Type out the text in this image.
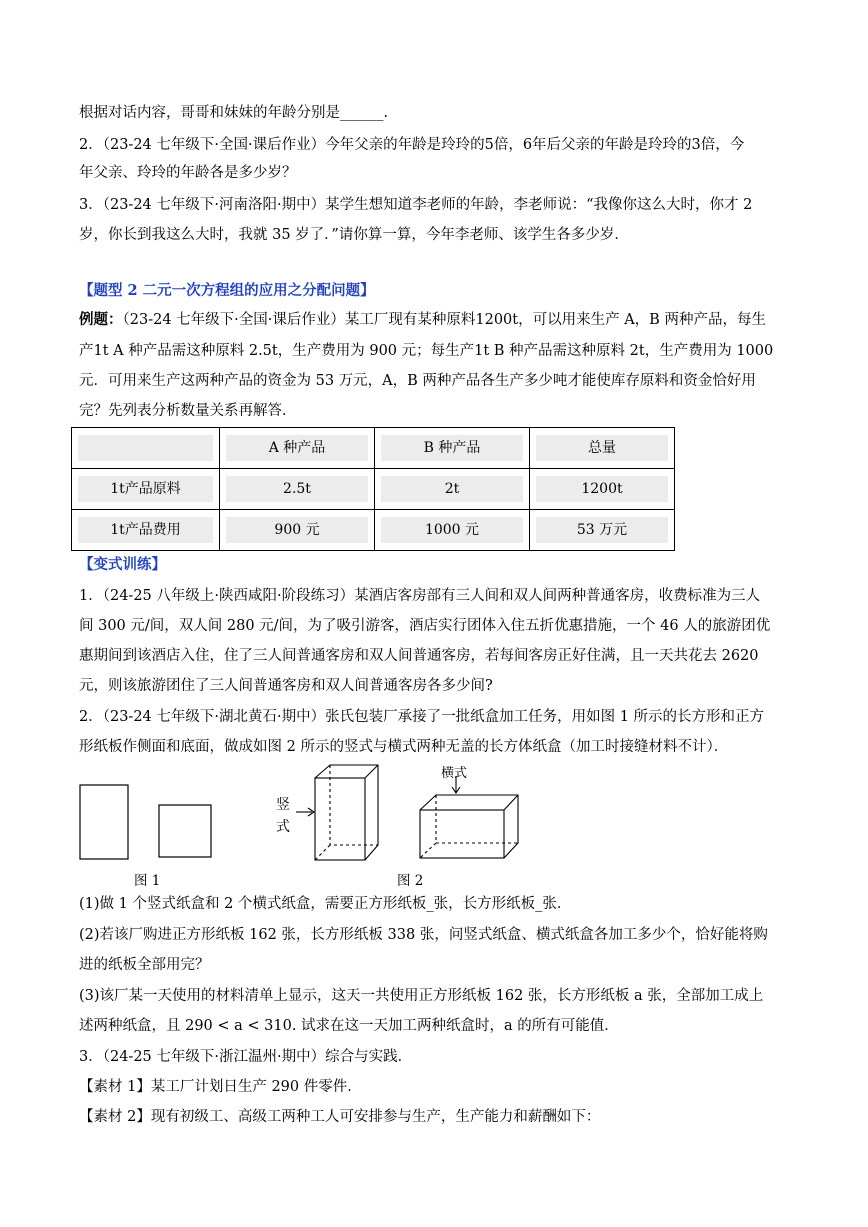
根据对话内容，哥哥和妹妹的年龄分别是______.
2．（23-24 七年级下·全国·课后作业）今年父亲的年龄是玲玲的5倍，6年后父亲的年龄是玲玲的3倍，今
年父亲、玲玲的年龄各是多少岁？
3．（23-24 七年级下·河南洛阳·期中）某学生想知道李老师的年龄，李老师说：“我像你这么大时，你才 2
岁，你长到我这么大时，我就 35 岁了．”请你算一算，今年李老师、该学生各多少岁．
【题型 2 二元一次方程组的应用之分配问题】
例题：（23-24 七年级下·全国·课后作业）某工厂现有某种原料1200t，可以用来生产 A，B 两种产品，每生
产1t A 种产品需这种原料 2.5t，生产费用为 900 元；每生产1t B 种产品需这种原料 2t，生产费用为 1000
元．可用来生产这两种产品的资金为 53 万元，A，B 两种产品各生产多少吨才能使库存原料和资金恰好用
完？先列表分析数量关系再解答．

	A 种产品	B 种产品	总量

1t产品原料	2.5t	2t	1200t

1t产品费用	900 元	1000 元	53 万元
【变式训练】
1．（24-25 八年级上·陕西咸阳·阶段练习）某酒店客房部有三人间和双人间两种普通客房，收费标准为三人
间 300 元/间，双人间 280 元/间，为了吸引游客，酒店实行团体入住五折优惠措施，一个 46 人的旅游团优
惠期间到该酒店入住，住了三人间普通客房和双人间普通客房，若每间客房正好住满，且一天共花去 2620
元，则该旅游团住了三人间普通客房和双人间普通客房各多少间?
2．（23-24 七年级下·湖北黄石·期中）张氏包装厂承接了一批纸盒加工任务，用如图 1 所示的长方形和正方
形纸板作侧面和底面，做成如图 2 所示的竖式与横式两种无盖的长方体纸盒（加工时接缝材料不计）．
图 1
竖
式
横式
图 2
(1)做 1 个竖式纸盒和 2 个横式纸盒，需要正方形纸板_张，长方形纸板_张．
(2)若该厂购进正方形纸板 162 张，长方形纸板 338 张，问竖式纸盒、横式纸盒各加工多少个，恰好能将购
进的纸板全部用完？
(3)该厂某一天使用的材料清单上显示，这天一共使用正方形纸板 162 张，长方形纸板 a 张，全部加工成上
述两种纸盒，且 290 < a < 310. 试求在这一天加工两种纸盒时，a 的所有可能值．
3．（24-25 七年级下·浙江温州·期中）综合与实践．
【素材 1】某工厂计划日生产 290 件零件．
【素材 2】现有初级工、高级工两种工人可安排参与生产，生产能力和薪酬如下：
